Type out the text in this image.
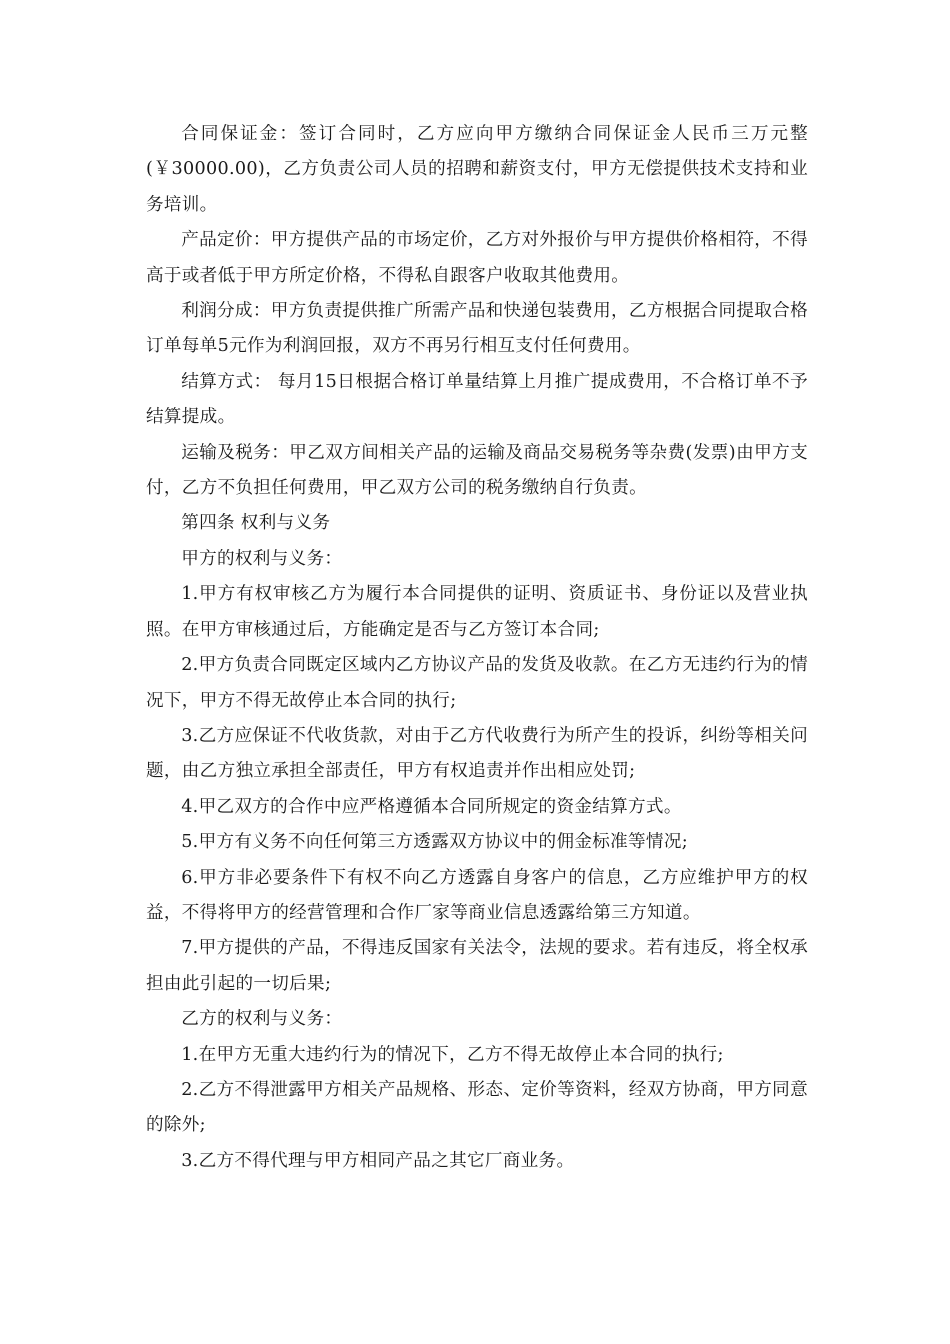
合同保证金：签订合同时，乙方应向甲方缴纳合同保证金人民币三万元整(￥30000.00)，乙方负责公司人员的招聘和薪资支付，甲方无偿提供技术支持和业务培训。

产品定价：甲方提供产品的市场定价，乙方对外报价与甲方提供价格相符，不得高于或者低于甲方所定价格，不得私自跟客户收取其他费用。

利润分成：甲方负责提供推广所需产品和快递包装费用，乙方根据合同提取合格订单每单5元作为利润回报，双方不再另行相互支付任何费用。

结算方式： 每月15日根据合格订单量结算上月推广提成费用，不合格订单不予结算提成。

运输及税务：甲乙双方间相关产品的运输及商品交易税务等杂费(发票)由甲方支付，乙方不负担任何费用，甲乙双方公司的税务缴纳自行负责。

第四条 权利与义务

甲方的权利与义务：

1.甲方有权审核乙方为履行本合同提供的证明、资质证书、身份证以及营业执照。在甲方审核通过后，方能确定是否与乙方签订本合同;

2.甲方负责合同既定区域内乙方协议产品的发货及收款。在乙方无违约行为的情况下，甲方不得无故停止本合同的执行;

3.乙方应保证不代收货款，对由于乙方代收费行为所产生的投诉，纠纷等相关问题，由乙方独立承担全部责任，甲方有权追责并作出相应处罚;

4.甲乙双方的合作中应严格遵循本合同所规定的资金结算方式。

5.甲方有义务不向任何第三方透露双方协议中的佣金标准等情况;

6.甲方非必要条件下有权不向乙方透露自身客户的信息，乙方应维护甲方的权益，不得将甲方的经营管理和合作厂家等商业信息透露给第三方知道。

7.甲方提供的产品，不得违反国家有关法令，法规的要求。若有违反，将全权承担由此引起的一切后果;

乙方的权利与义务：

1.在甲方无重大违约行为的情况下，乙方不得无故停止本合同的执行;

2.乙方不得泄露甲方相关产品规格、形态、定价等资料，经双方协商，甲方同意的除外;

3.乙方不得代理与甲方相同产品之其它厂商业务。
